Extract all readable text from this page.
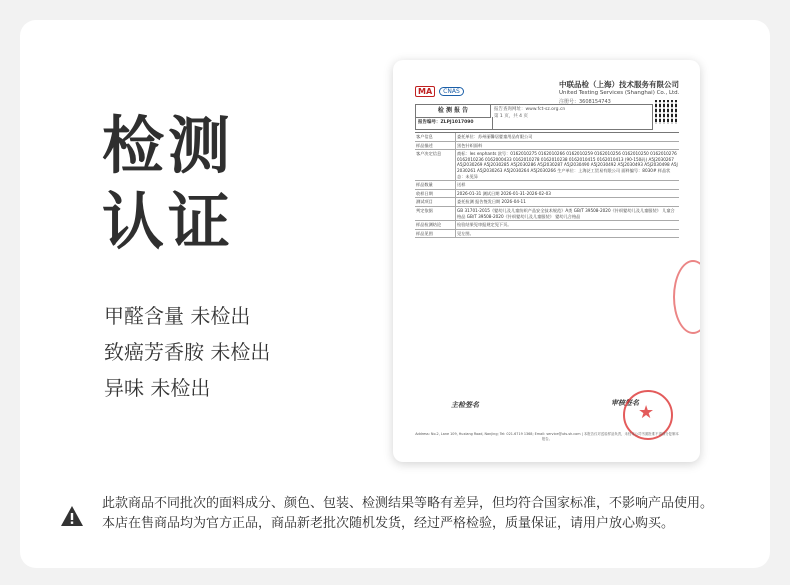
检测
认证
甲醛含量 未检出
致癌芳香胺 未检出
异味 未检出
MA	CNAS
中联品检（上海）技术服务有限公司
United Testing Services (Shanghai) Co., Ltd.
注册号：3608154743
检 测 报 告
报告编号：ZLPJ1017090
报告查询网址：www.fct-sz.org.cn
第 1 页，共 4 页
客户信息	委托单位：苏州丽馨居婴童用品有限公司
样品描述	黑色针织面料
客户决定信息	商标：les enphants 款号：0162010275 0162010266 0162010259 0162010256 0162010250 0162010276 0162010236 0162000433 0162010278 0162010238 0162010415 0162010413 (90-150码) A5J2030267 A5J2030269 A5J2030285 A5J2030286 A5J2030287 A5J2030490 A5J2030492 A5J2030493 A5J2030498 A5J2030261 A5J2030263 A5J2030264 A5J2030266 生产单位：上海泛工贸易有限公司 面料编号：8030# 样品状态：未见异
样品数量	送样
收样日期	2026-01-31 测试日期 2026-01-31-2026-02-03
测试项目	委托检测 报告签发日期 2026-04-11
判定依据	GB 31701-2015《婴幼儿及儿童纺织产品安全技术规范》A类 GB/T 39508-2020《针织婴幼儿及儿童服装》 儿童合格品 GB/T 39508-2020《针织婴幼儿及儿童服装》 婴幼儿合格品
样品检测结论	检验结果见审报规定见下页。
样品见图	见左图。
主检签名	审核签名 ★
Address: No.2, Lane 109, Huxiang Road, Nanjing; Tel: 021-6719 1368; Email: service@uts-sh.com | 本报告仅对送检样品负责，未经本公司书面批准不得部分复制本报告。
此款商品不同批次的面料成分、颜色、包装、检测结果等略有差异，但均符合国家标准，不影响产品使用。
本店在售商品均为官方正品，商品新老批次随机发货，经过严格检验，质量保证，请用户放心购买。
